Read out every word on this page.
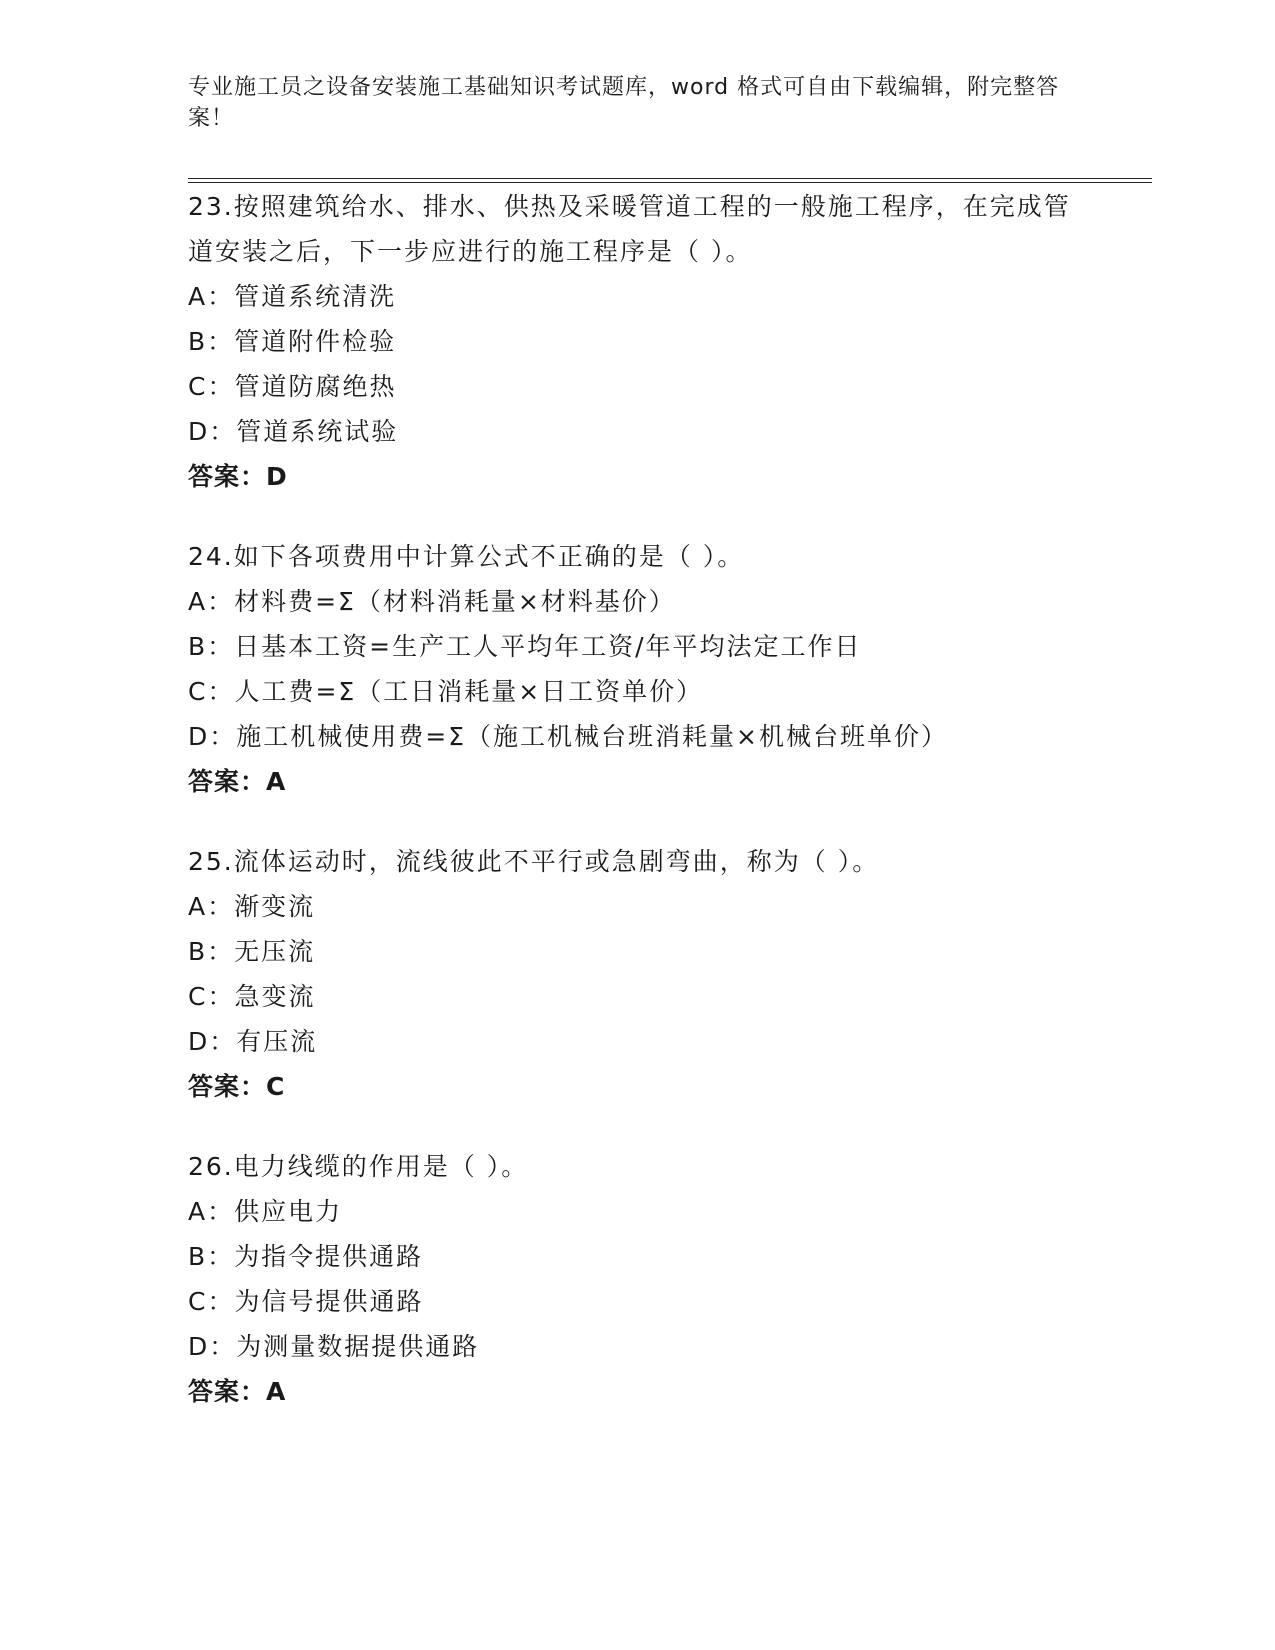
专业施工员之设备安装施工基础知识考试题库，word 格式可自由下载编辑，附完整答案！
23.按照建筑给水、排水、供热及采暖管道工程的一般施工程序，在完成管道安装之后，下一步应进行的施工程序是（ ）。
A：管道系统清洗
B：管道附件检验
C：管道防腐绝热
D：管道系统试验
答案：D
24.如下各项费用中计算公式不正确的是（ ）。
A：材料费=Σ（材料消耗量×材料基价）
B：日基本工资=生产工人平均年工资/年平均法定工作日
C：人工费=Σ（工日消耗量×日工资单价）
D：施工机械使用费=Σ（施工机械台班消耗量×机械台班单价）
答案：A
25.流体运动时，流线彼此不平行或急剧弯曲，称为（ ）。
A：渐变流
B：无压流
C：急变流
D：有压流
答案：C
26.电力线缆的作用是（ ）。
A：供应电力
B：为指令提供通路
C：为信号提供通路
D：为测量数据提供通路
答案：A
